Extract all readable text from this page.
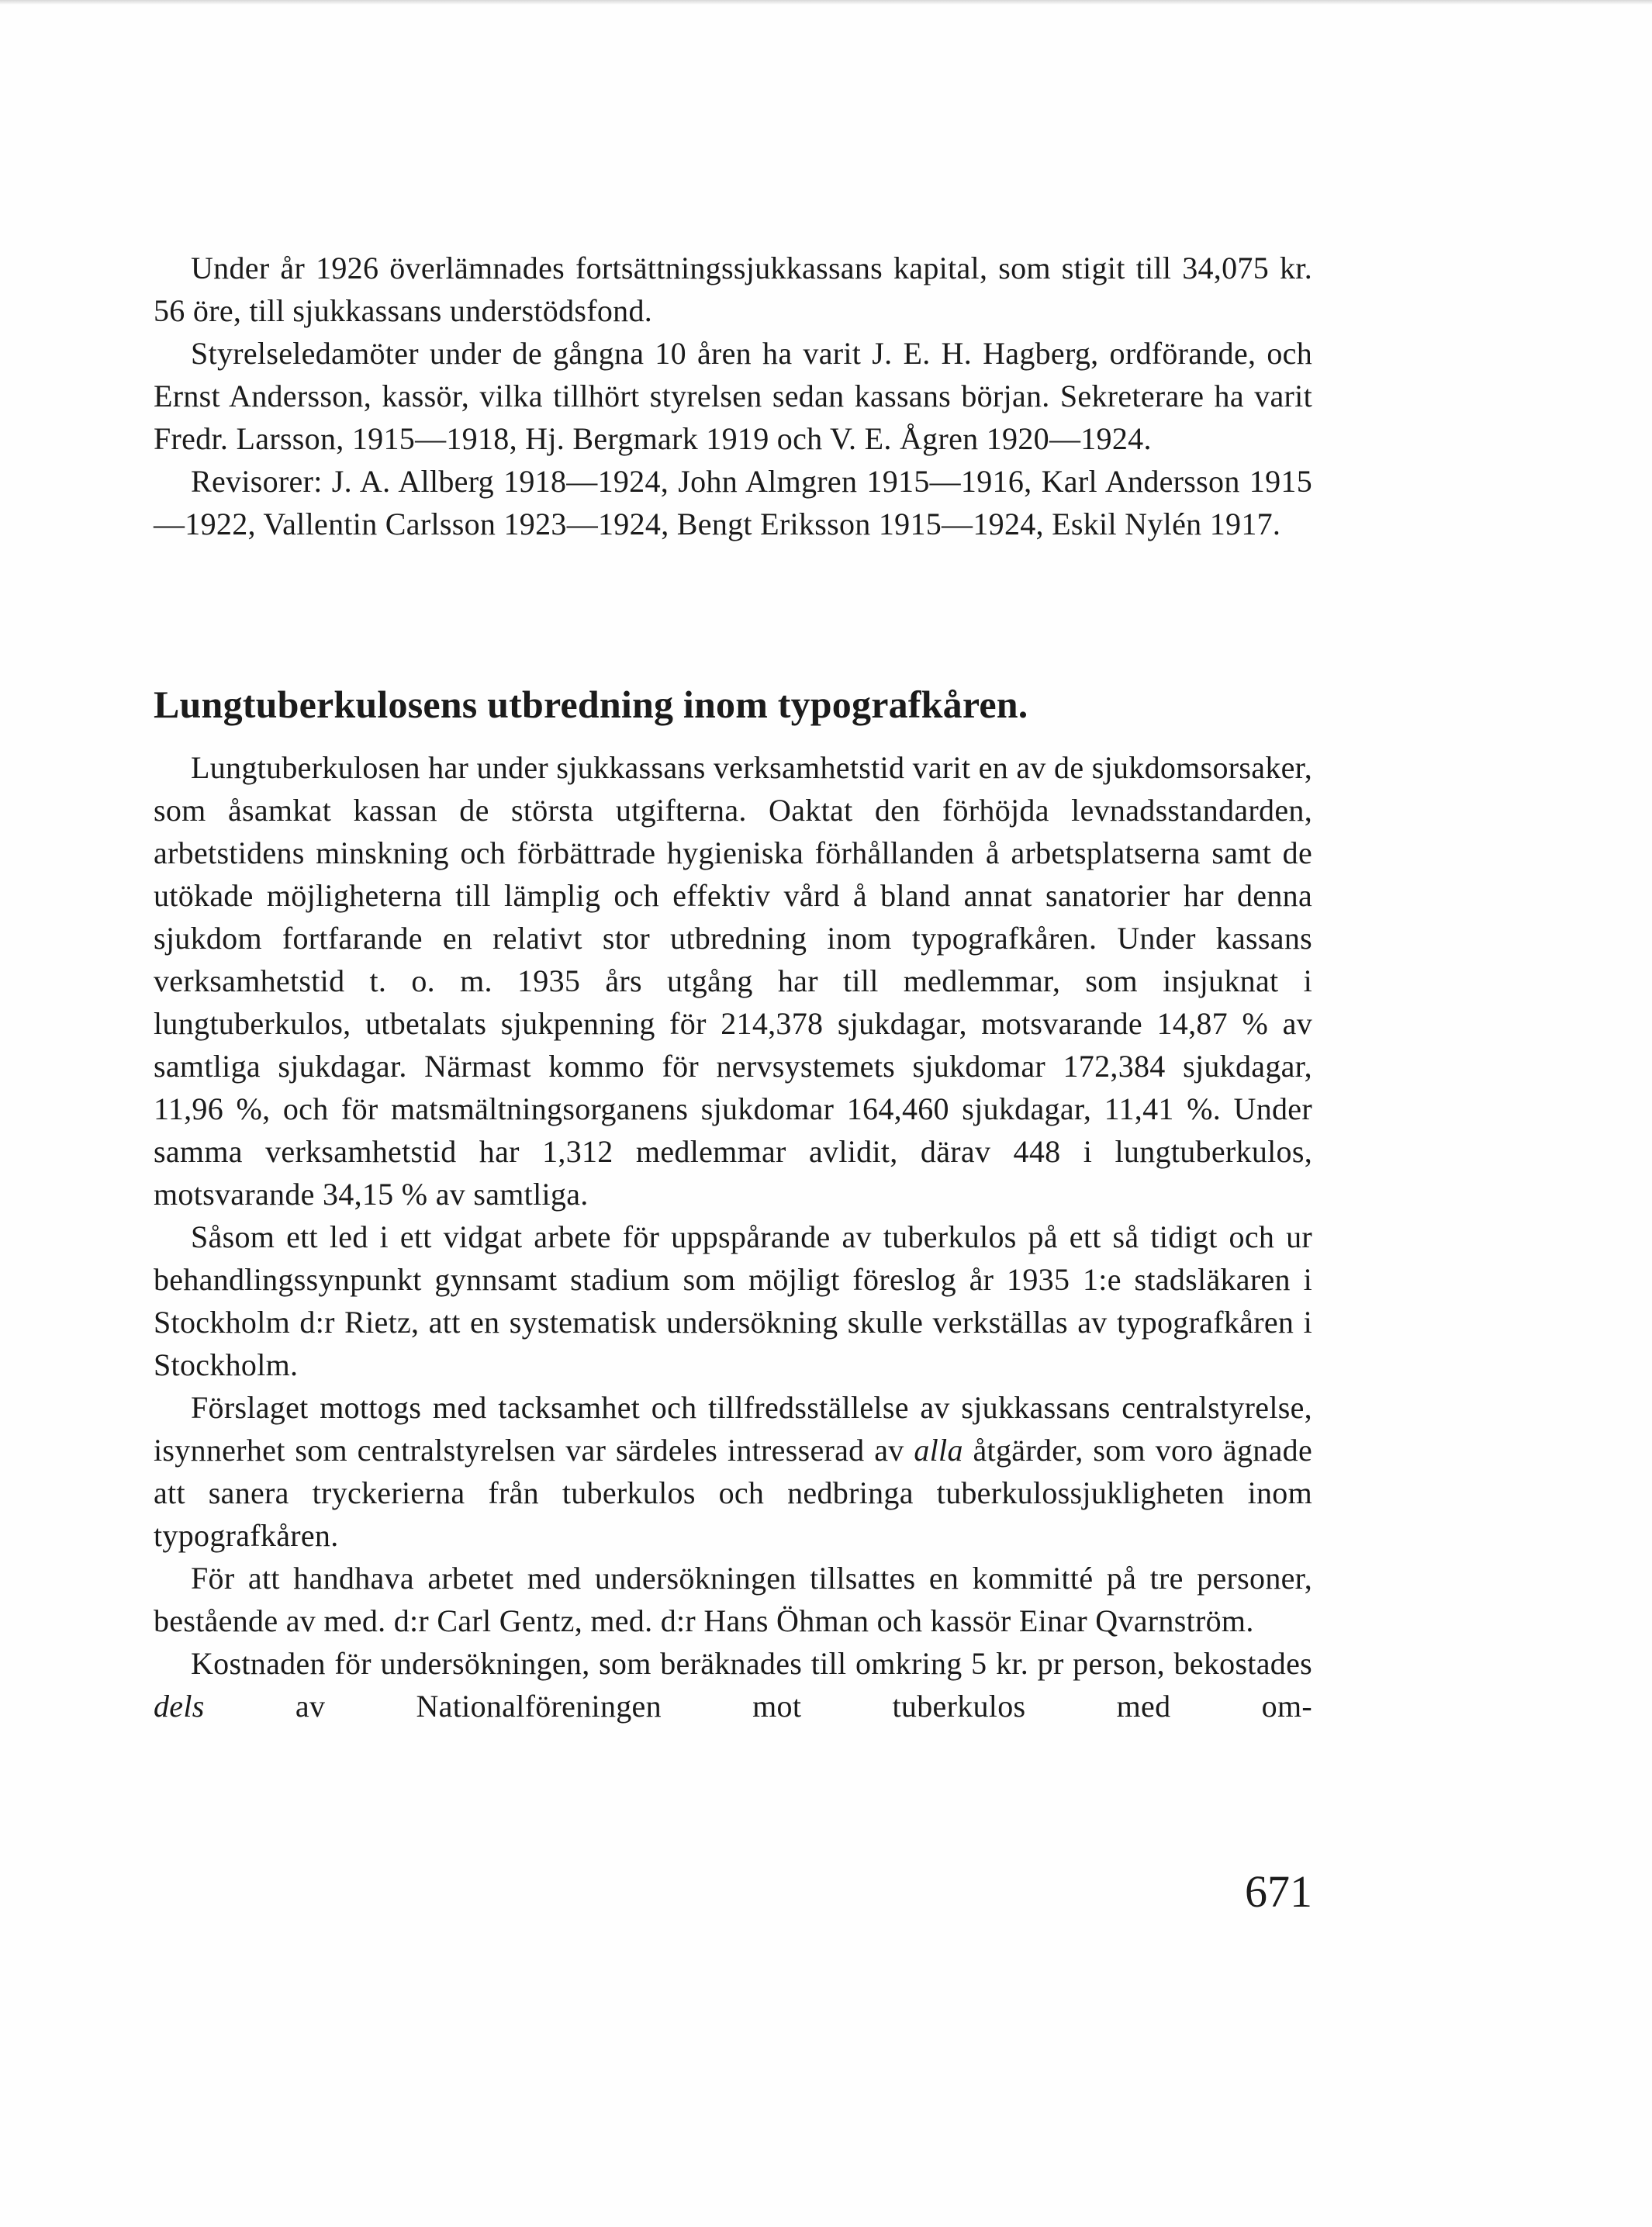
Under år 1926 överlämnades fortsättningssjukkassans kapital, som stigit till 34,075 kr. 56 öre, till sjukkassans understödsfond.

Styrelseledamöter under de gångna 10 åren ha varit J. E. H. Hagberg, ordförande, och Ernst Andersson, kassör, vilka tillhört styrelsen sedan kassans början. Sekreterare ha varit Fredr. Larsson, 1915—1918, Hj. Bergmark 1919 och V. E. Ågren 1920—1924.

Revisorer: J. A. Allberg 1918—1924, John Almgren 1915—1916, Karl Andersson 1915—1922, Vallentin Carlsson 1923—1924, Bengt Eriksson 1915—1924, Eskil Nylén 1917.

Lungtuberkulosens utbredning inom typografkåren.

Lungtuberkulosen har under sjukkassans verksamhetstid varit en av de sjukdomsorsaker, som åsamkat kassan de största utgifterna. Oaktat den förhöjda levnadsstandarden, arbetstidens minskning och förbättrade hygieniska förhållanden å arbetsplatserna samt de utökade möjligheterna till lämplig och effektiv vård å bland annat sanatorier har denna sjukdom fortfarande en relativt stor utbredning inom typografkåren. Under kassans verksamhetstid t. o. m. 1935 års utgång har till medlemmar, som insjuknat i lungtuberkulos, utbetalats sjukpenning för 214,378 sjukdagar, motsvarande 14,87 % av samtliga sjukdagar. Närmast kommo för nervsystemets sjukdomar 172,384 sjukdagar, 11,96 %, och för matsmältningsorganens sjukdomar 164,460 sjukdagar, 11,41 %. Under samma verksamhetstid har 1,312 medlemmar avlidit, därav 448 i lungtuberkulos, motsvarande 34,15 % av samtliga.

Såsom ett led i ett vidgat arbete för uppspårande av tuberkulos på ett så tidigt och ur behandlingssynpunkt gynnsamt stadium som möjligt föreslog år 1935 1:e stadsläkaren i Stockholm d:r Rietz, att en systematisk undersökning skulle verkställas av typografkåren i Stockholm.

Förslaget mottogs med tacksamhet och tillfredsställelse av sjukkassans centralstyrelse, isynnerhet som centralstyrelsen var särdeles intresserad av alla åtgärder, som voro ägnade att sanera tryckerierna från tuberkulos och nedbringa tuberkulossjukligheten inom typografkåren.

För att handhava arbetet med undersökningen tillsattes en kommitté på tre personer, bestående av med. d:r Carl Gentz, med. d:r Hans Öhman och kassör Einar Qvarnström.

Kostnaden för undersökningen, som beräknades till omkring 5 kr. pr person, bekostades dels av Nationalföreningen mot tuberkulos med om-

671
